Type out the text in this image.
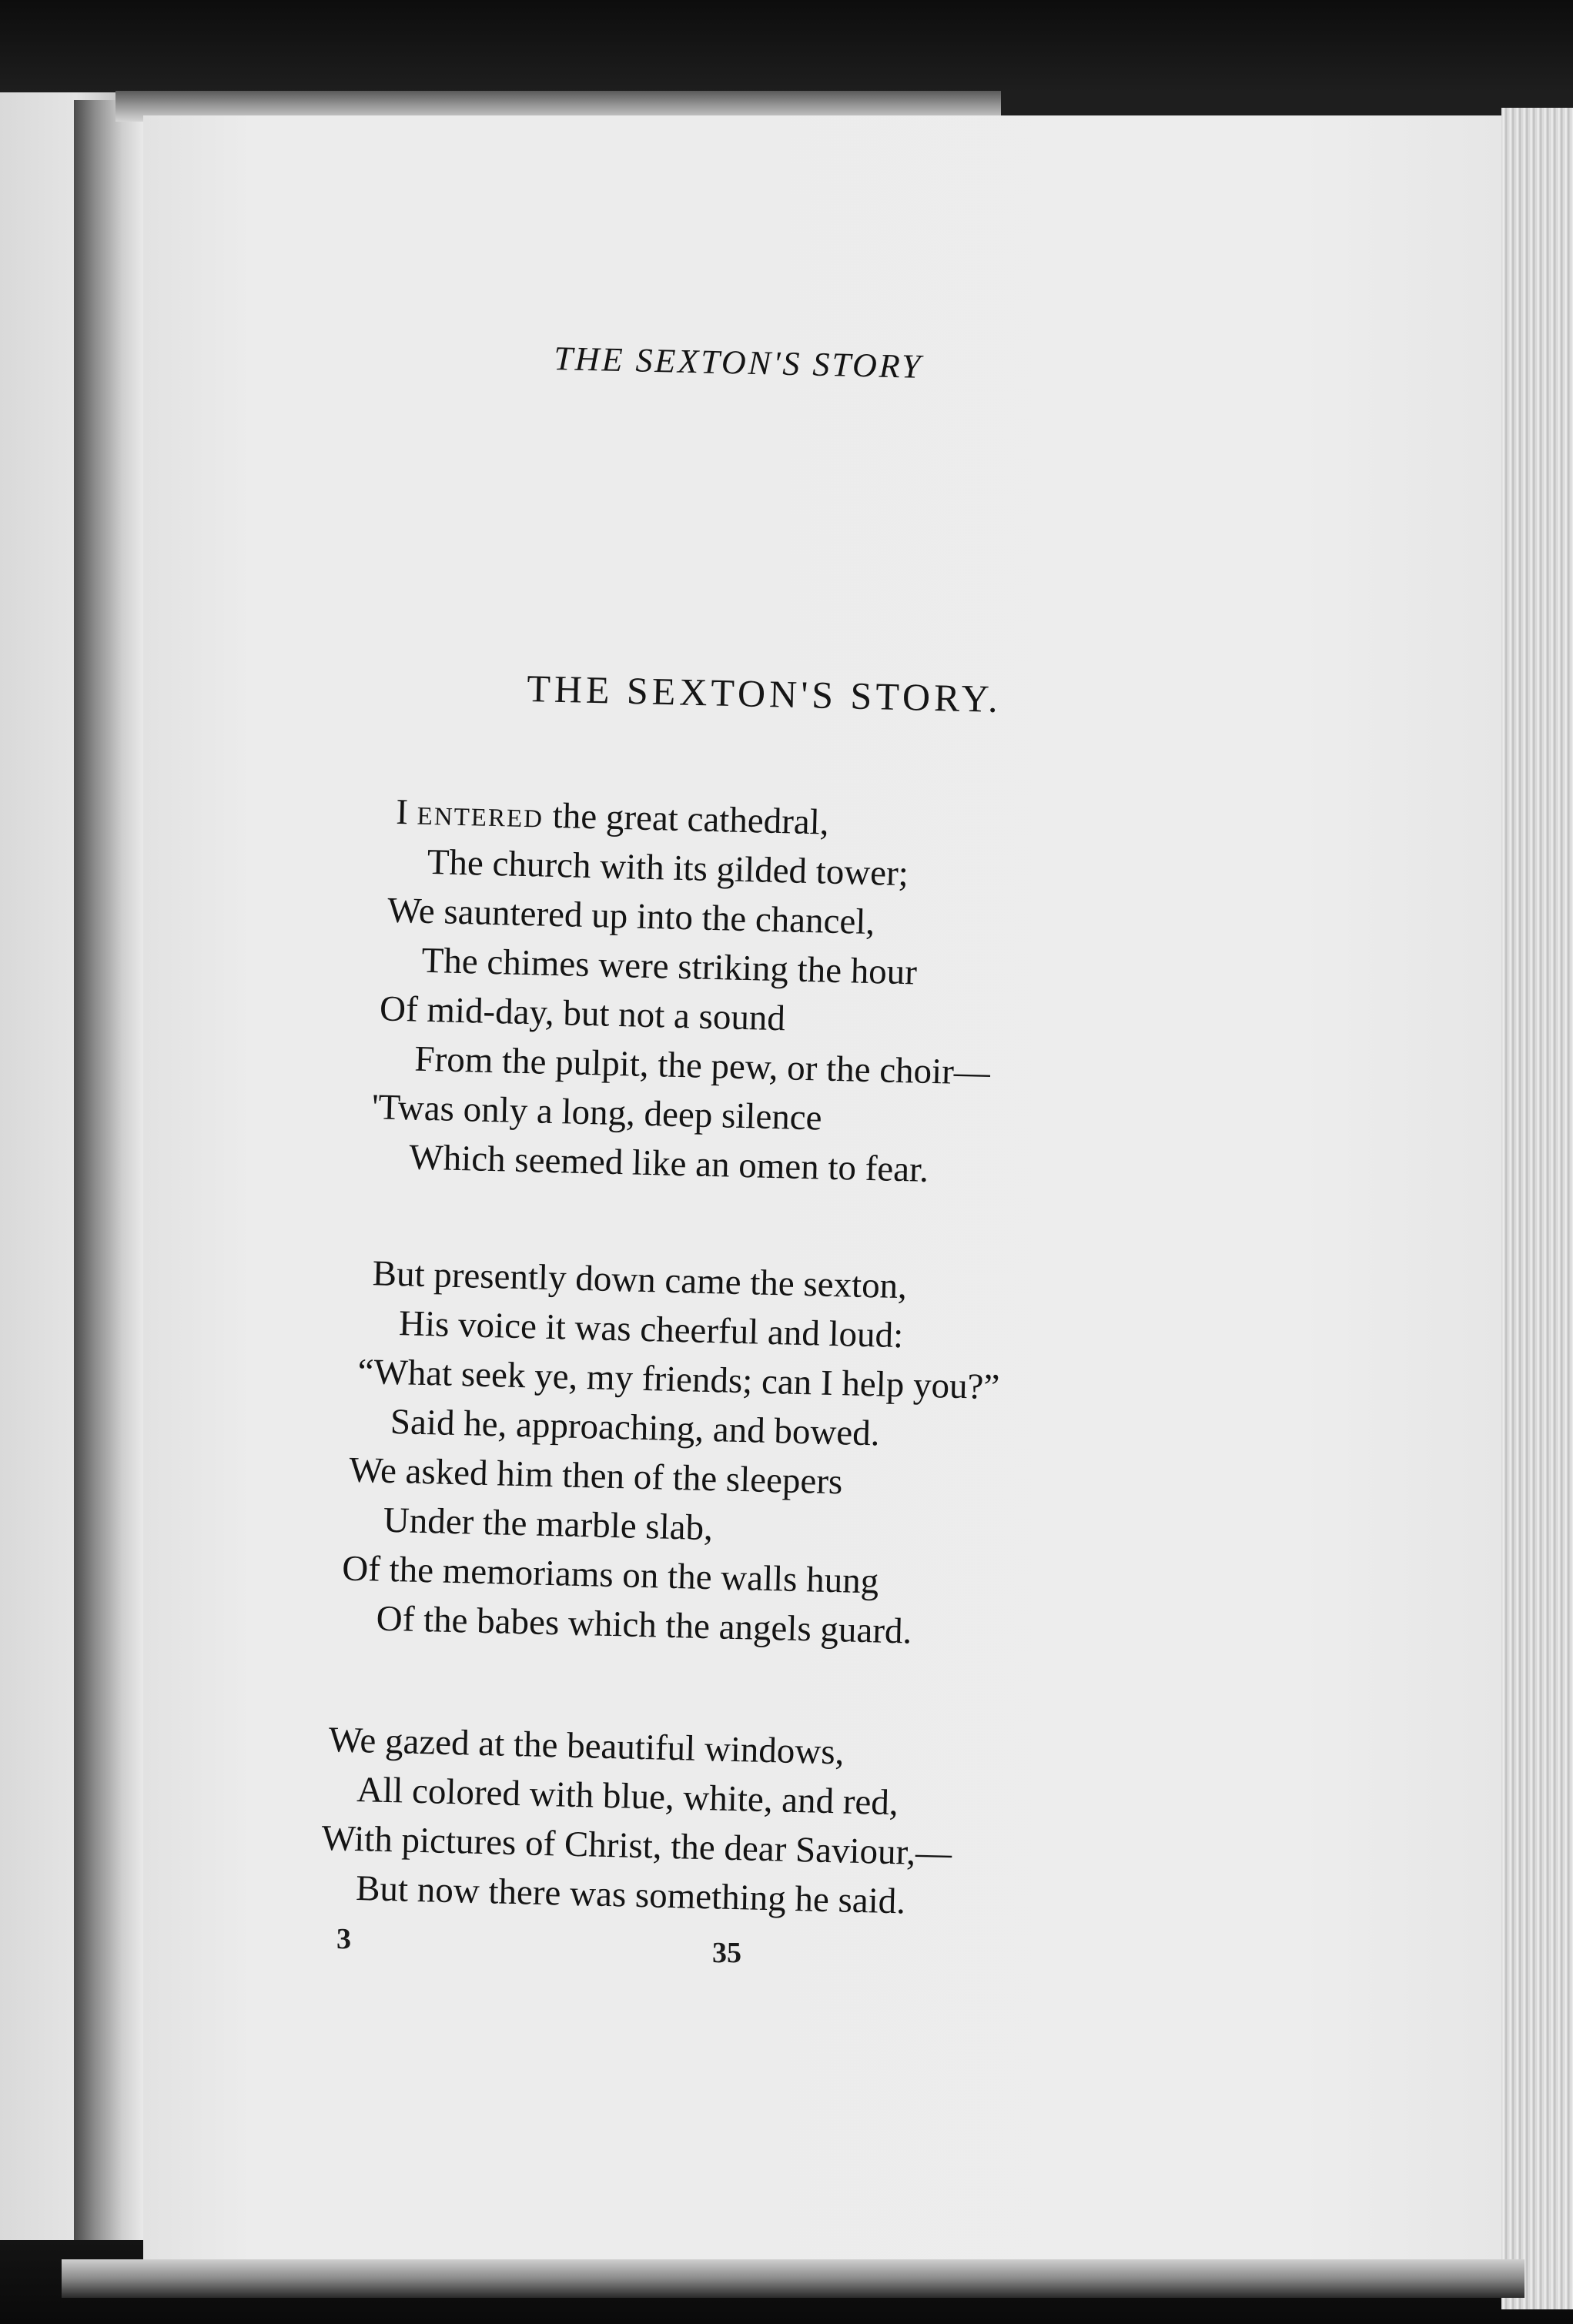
THE SEXTON'S STORY
THE SEXTON'S STORY.
I entered the great cathedral,
The church with its gilded tower;
We sauntered up into the chancel,
The chimes were striking the hour
Of mid-day, but not a sound
From the pulpit, the pew, or the choir—
'Twas only a long, deep silence
Which seemed like an omen to fear.
But presently down came the sexton,
His voice it was cheerful and loud:
“What seek ye, my friends; can I help you?”
Said he, approaching, and bowed.
We asked him then of the sleepers
Under the marble slab,
Of the memoriams on the walls hung
Of the babes which the angels guard.
We gazed at the beautiful windows,
All colored with blue, white, and red,
With pictures of Christ, the dear Saviour,—
But now there was something he said.
3	35
